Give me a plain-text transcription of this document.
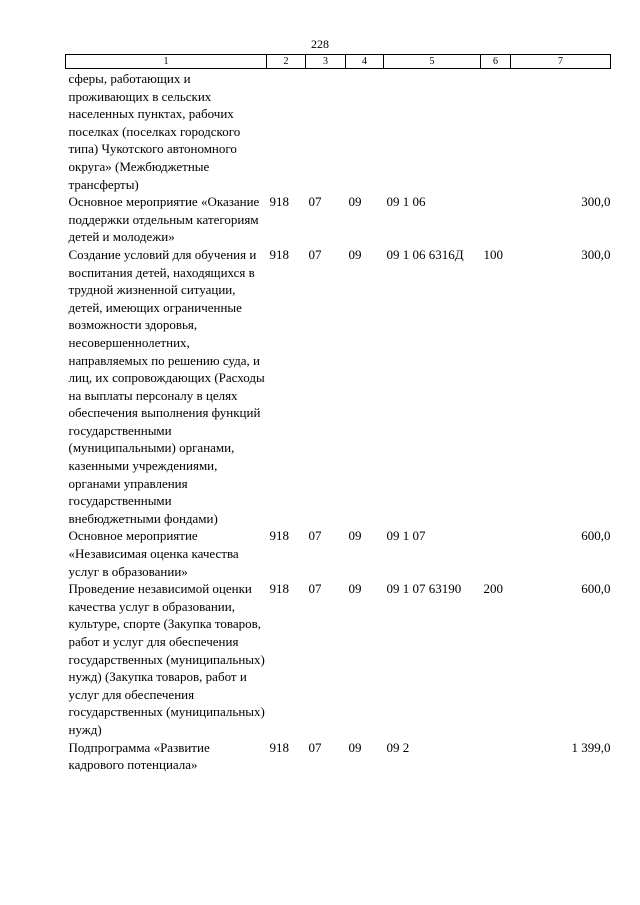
228
1	2	3	4	5	6	7
сферы, работающих и проживающих в сельских населенных пунктах, рабочих поселках (поселках городского типа) Чукотского автономного округа» (Межбюджетные трансферты)						
Основное мероприятие «Оказание поддержки отдельным категориям детей и молодежи»	918	07	09	09 1 06		300,0
Создание условий для обучения и воспитания детей, находящихся в трудной жизненной ситуации, детей, имеющих ограниченные возможности здоровья, несовершеннолетних, направляемых по решению суда, и лиц, их сопровождающих (Расходы на выплаты персоналу в целях обеспечения выполнения функций государственными (муниципальными) органами, казенными учреждениями, органами управления государственными внебюджетными фондами)	918	07	09	09 1 06 6316Д	100	300,0
Основное мероприятие «Независимая оценка качества услуг в образовании»	918	07	09	09 1 07		600,0
Проведение независимой оценки качества услуг в образовании, культуре, спорте (Закупка товаров, работ и услуг для обеспечения государственных (муниципальных) нужд) (Закупка товаров, работ и услуг для обеспечения государственных (муниципальных) нужд)	918	07	09	09 1 07 63190	200	600,0
Подпрограмма «Развитие кадрового потенциала»	918	07	09	09 2		1 399,0
